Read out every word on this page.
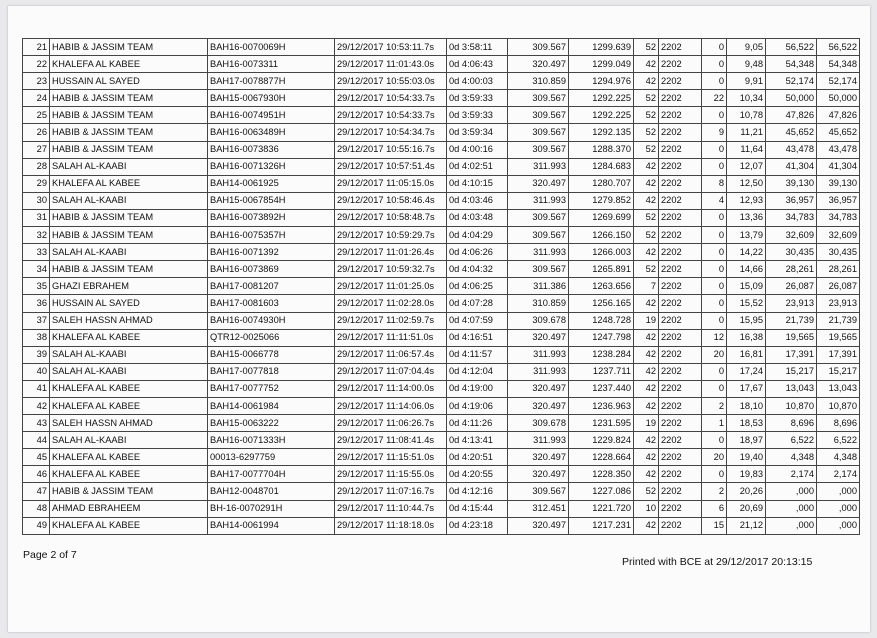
21	HABIB & JASSIM TEAM	BAH16-0070069H	29/12/2017 10:53:11.7s	0d 3:58:11	309.567	1299.639	52	2202	0	9,05	56,522	56,522
22	KHALEFA AL KABEE	BAH16-0073311	29/12/2017 11:01:43.0s	0d 4:06:43	320.497	1299.049	42	2202	0	9,48	54,348	54,348
23	HUSSAIN AL SAYED	BAH17-0078877H	29/12/2017 10:55:03.0s	0d 4:00:03	310.859	1294.976	42	2202	0	9,91	52,174	52,174
24	HABIB & JASSIM TEAM	BAH15-0067930H	29/12/2017 10:54:33.7s	0d 3:59:33	309.567	1292.225	52	2202	22	10,34	50,000	50,000
25	HABIB & JASSIM TEAM	BAH16-0074951H	29/12/2017 10:54:33.7s	0d 3:59:33	309.567	1292.225	52	2202	0	10,78	47,826	47,826
26	HABIB & JASSIM TEAM	BAH16-0063489H	29/12/2017 10:54:34.7s	0d 3:59:34	309.567	1292.135	52	2202	9	11,21	45,652	45,652
27	HABIB & JASSIM TEAM	BAH16-0073836	29/12/2017 10:55:16.7s	0d 4:00:16	309.567	1288.370	52	2202	0	11,64	43,478	43,478
28	SALAH AL-KAABI	BAH16-0071326H	29/12/2017 10:57:51.4s	0d 4:02:51	311.993	1284.683	42	2202	0	12,07	41,304	41,304
29	KHALEFA AL KABEE	BAH14-0061925	29/12/2017 11:05:15.0s	0d 4:10:15	320.497	1280.707	42	2202	8	12,50	39,130	39,130
30	SALAH AL-KAABI	BAH15-0067854H	29/12/2017 10:58:46.4s	0d 4:03:46	311.993	1279.852	42	2202	4	12,93	36,957	36,957
31	HABIB & JASSIM TEAM	BAH16-0073892H	29/12/2017 10:58:48.7s	0d 4:03:48	309.567	1269.699	52	2202	0	13,36	34,783	34,783
32	HABIB & JASSIM TEAM	BAH16-0075357H	29/12/2017 10:59:29.7s	0d 4:04:29	309.567	1266.150	52	2202	0	13,79	32,609	32,609
33	SALAH AL-KAABI	BAH16-0071392	29/12/2017 11:01:26.4s	0d 4:06:26	311.993	1266.003	42	2202	0	14,22	30,435	30,435
34	HABIB & JASSIM TEAM	BAH16-0073869	29/12/2017 10:59:32.7s	0d 4:04:32	309.567	1265.891	52	2202	0	14,66	28,261	28,261
35	GHAZI EBRAHEM	BAH17-0081207	29/12/2017 11:01:25.0s	0d 4:06:25	311.386	1263.656	7	2202	0	15,09	26,087	26,087
36	HUSSAIN AL SAYED	BAH17-0081603	29/12/2017 11:02:28.0s	0d 4:07:28	310.859	1256.165	42	2202	0	15,52	23,913	23,913
37	SALEH HASSN AHMAD	BAH16-0074930H	29/12/2017 11:02:59.7s	0d 4:07:59	309.678	1248.728	19	2202	0	15,95	21,739	21,739
38	KHALEFA AL KABEE	QTR12-0025066	29/12/2017 11:11:51.0s	0d 4:16:51	320.497	1247.798	42	2202	12	16,38	19,565	19,565
39	SALAH AL-KAABI	BAH15-0066778	29/12/2017 11:06:57.4s	0d 4:11:57	311.993	1238.284	42	2202	20	16,81	17,391	17,391
40	SALAH AL-KAABI	BAH17-0077818	29/12/2017 11:07:04.4s	0d 4:12:04	311.993	1237.711	42	2202	0	17,24	15,217	15,217
41	KHALEFA AL KABEE	BAH17-0077752	29/12/2017 11:14:00.0s	0d 4:19:00	320.497	1237.440	42	2202	0	17,67	13,043	13,043
42	KHALEFA AL KABEE	BAH14-0061984	29/12/2017 11:14:06.0s	0d 4:19:06	320.497	1236.963	42	2202	2	18,10	10,870	10,870
43	SALEH HASSN AHMAD	BAH15-0063222	29/12/2017 11:06:26.7s	0d 4:11:26	309.678	1231.595	19	2202	1	18,53	8,696	8,696
44	SALAH AL-KAABI	BAH16-0071333H	29/12/2017 11:08:41.4s	0d 4:13:41	311.993	1229.824	42	2202	0	18,97	6,522	6,522
45	KHALEFA AL KABEE	00013-6297759	29/12/2017 11:15:51.0s	0d 4:20:51	320.497	1228.664	42	2202	20	19,40	4,348	4,348
46	KHALEFA AL KABEE	BAH17-0077704H	29/12/2017 11:15:55.0s	0d 4:20:55	320.497	1228.350	42	2202	0	19,83	2,174	2,174
47	HABIB & JASSIM TEAM	BAH12-0048701	29/12/2017 11:07:16.7s	0d 4:12:16	309.567	1227.086	52	2202	2	20,26	,000	,000
48	AHMAD EBRAHEEM	BH-16-0070291H	29/12/2017 11:10:44.7s	0d 4:15:44	312.451	1221.720	10	2202	6	20,69	,000	,000
49	KHALEFA AL KABEE	BAH14-0061994	29/12/2017 11:18:18.0s	0d 4:23:18	320.497	1217.231	42	2202	15	21,12	,000	,000
Page 2 of 7
Printed with BCE at 29/12/2017 20:13:15
